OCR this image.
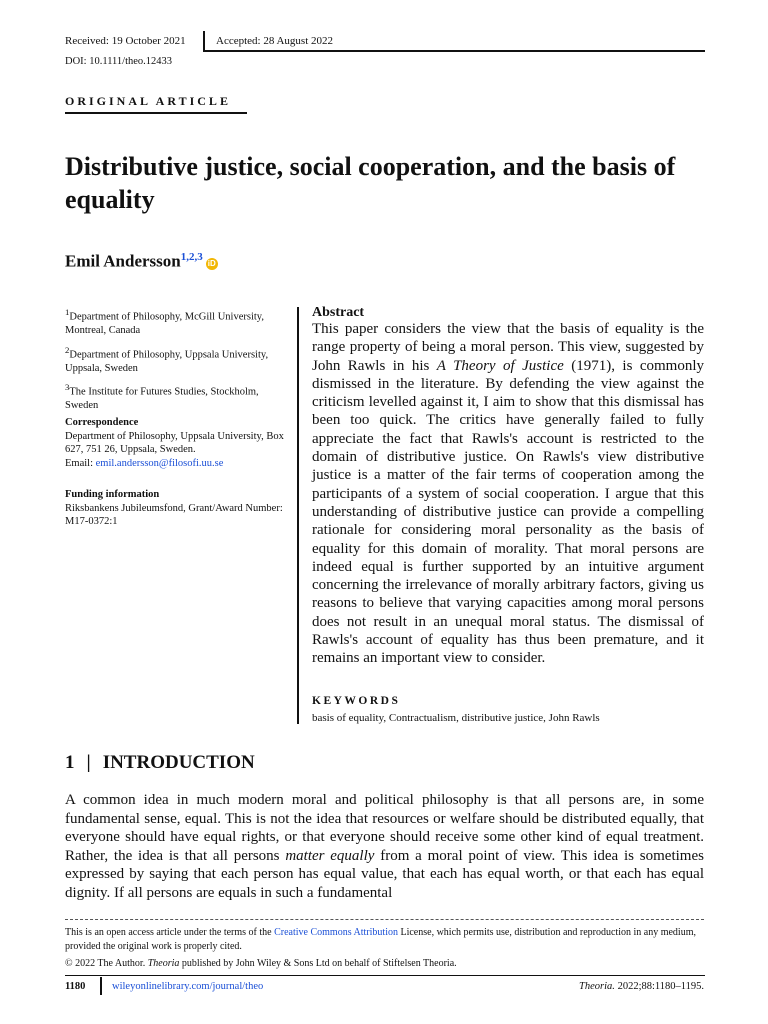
Received: 19 October 2021	Accepted: 28 August 2022
DOI: 10.1111/theo.12433
ORIGINAL ARTICLE
Distributive justice, social cooperation, and the basis of equality
Emil Andersson$^{1,2,3}$iD

$^1$Department of Philosophy, McGill University, Montreal, Canada

$^2$Department of Philosophy, Uppsala University, Uppsala, Sweden

$^3$The Institute for Futures Studies, Stockholm, Sweden

Correspondence
Department of Philosophy, Uppsala University, Box 627, 751 26, Uppsala, Sweden.
Email: emil.andersson@filosofi.uu.se
Funding information
Riksbankens Jubileumsfond, Grant/Award Number: M17-0372:1
Abstract
This paper considers the view that the basis of equality is the range property of being a moral person. This view, suggested by John Rawls in his A Theory of Justice (1971), is commonly dismissed in the literature. By defending the view against the criticism levelled against it, I aim to show that this dismissal has been too quick. The critics have generally failed to fully appreciate the fact that Rawls's account is restricted to the domain of distributive justice. On Rawls's view distributive justice is a matter of the fair terms of cooperation among the participants of a system of social cooperation. I argue that this understanding of distributive justice can provide a compelling rationale for considering moral personality as the basis of equality for this domain of morality. That moral persons are indeed equal is further supported by an intuitive argument concerning the irrelevance of morally arbitrary factors, giving us reasons to believe that varying capacities among moral persons does not result in an unequal moral status. The dismissal of Rawls's account of equality has thus been premature, and it remains an important view to consider.
KEYWORDS
basis of equality, Contractualism, distributive justice, John Rawls
1 | INTRODUCTION
A common idea in much modern moral and political philosophy is that all persons are, in some fundamental sense, equal. This is not the idea that resources or welfare should be distributed equally, that everyone should have equal rights, or that everyone should receive some other kind of equal treatment. Rather, the idea is that all persons matter equally from a moral point of view. This idea is sometimes expressed by saying that each person has equal value, that each has equal worth, or that each has equal dignity. If all persons are equals in such a fundamental
This is an open access article under the terms of the Creative Commons Attribution License, which permits use, distribution and reproduction in any medium, provided the original work is properly cited.
© 2022 The Author. Theoria published by John Wiley & Sons Ltd on behalf of Stiftelsen Theoria.
1180	wileyonlinelibrary.com/journal/theo	Theoria. 2022;88:1180–1195.
